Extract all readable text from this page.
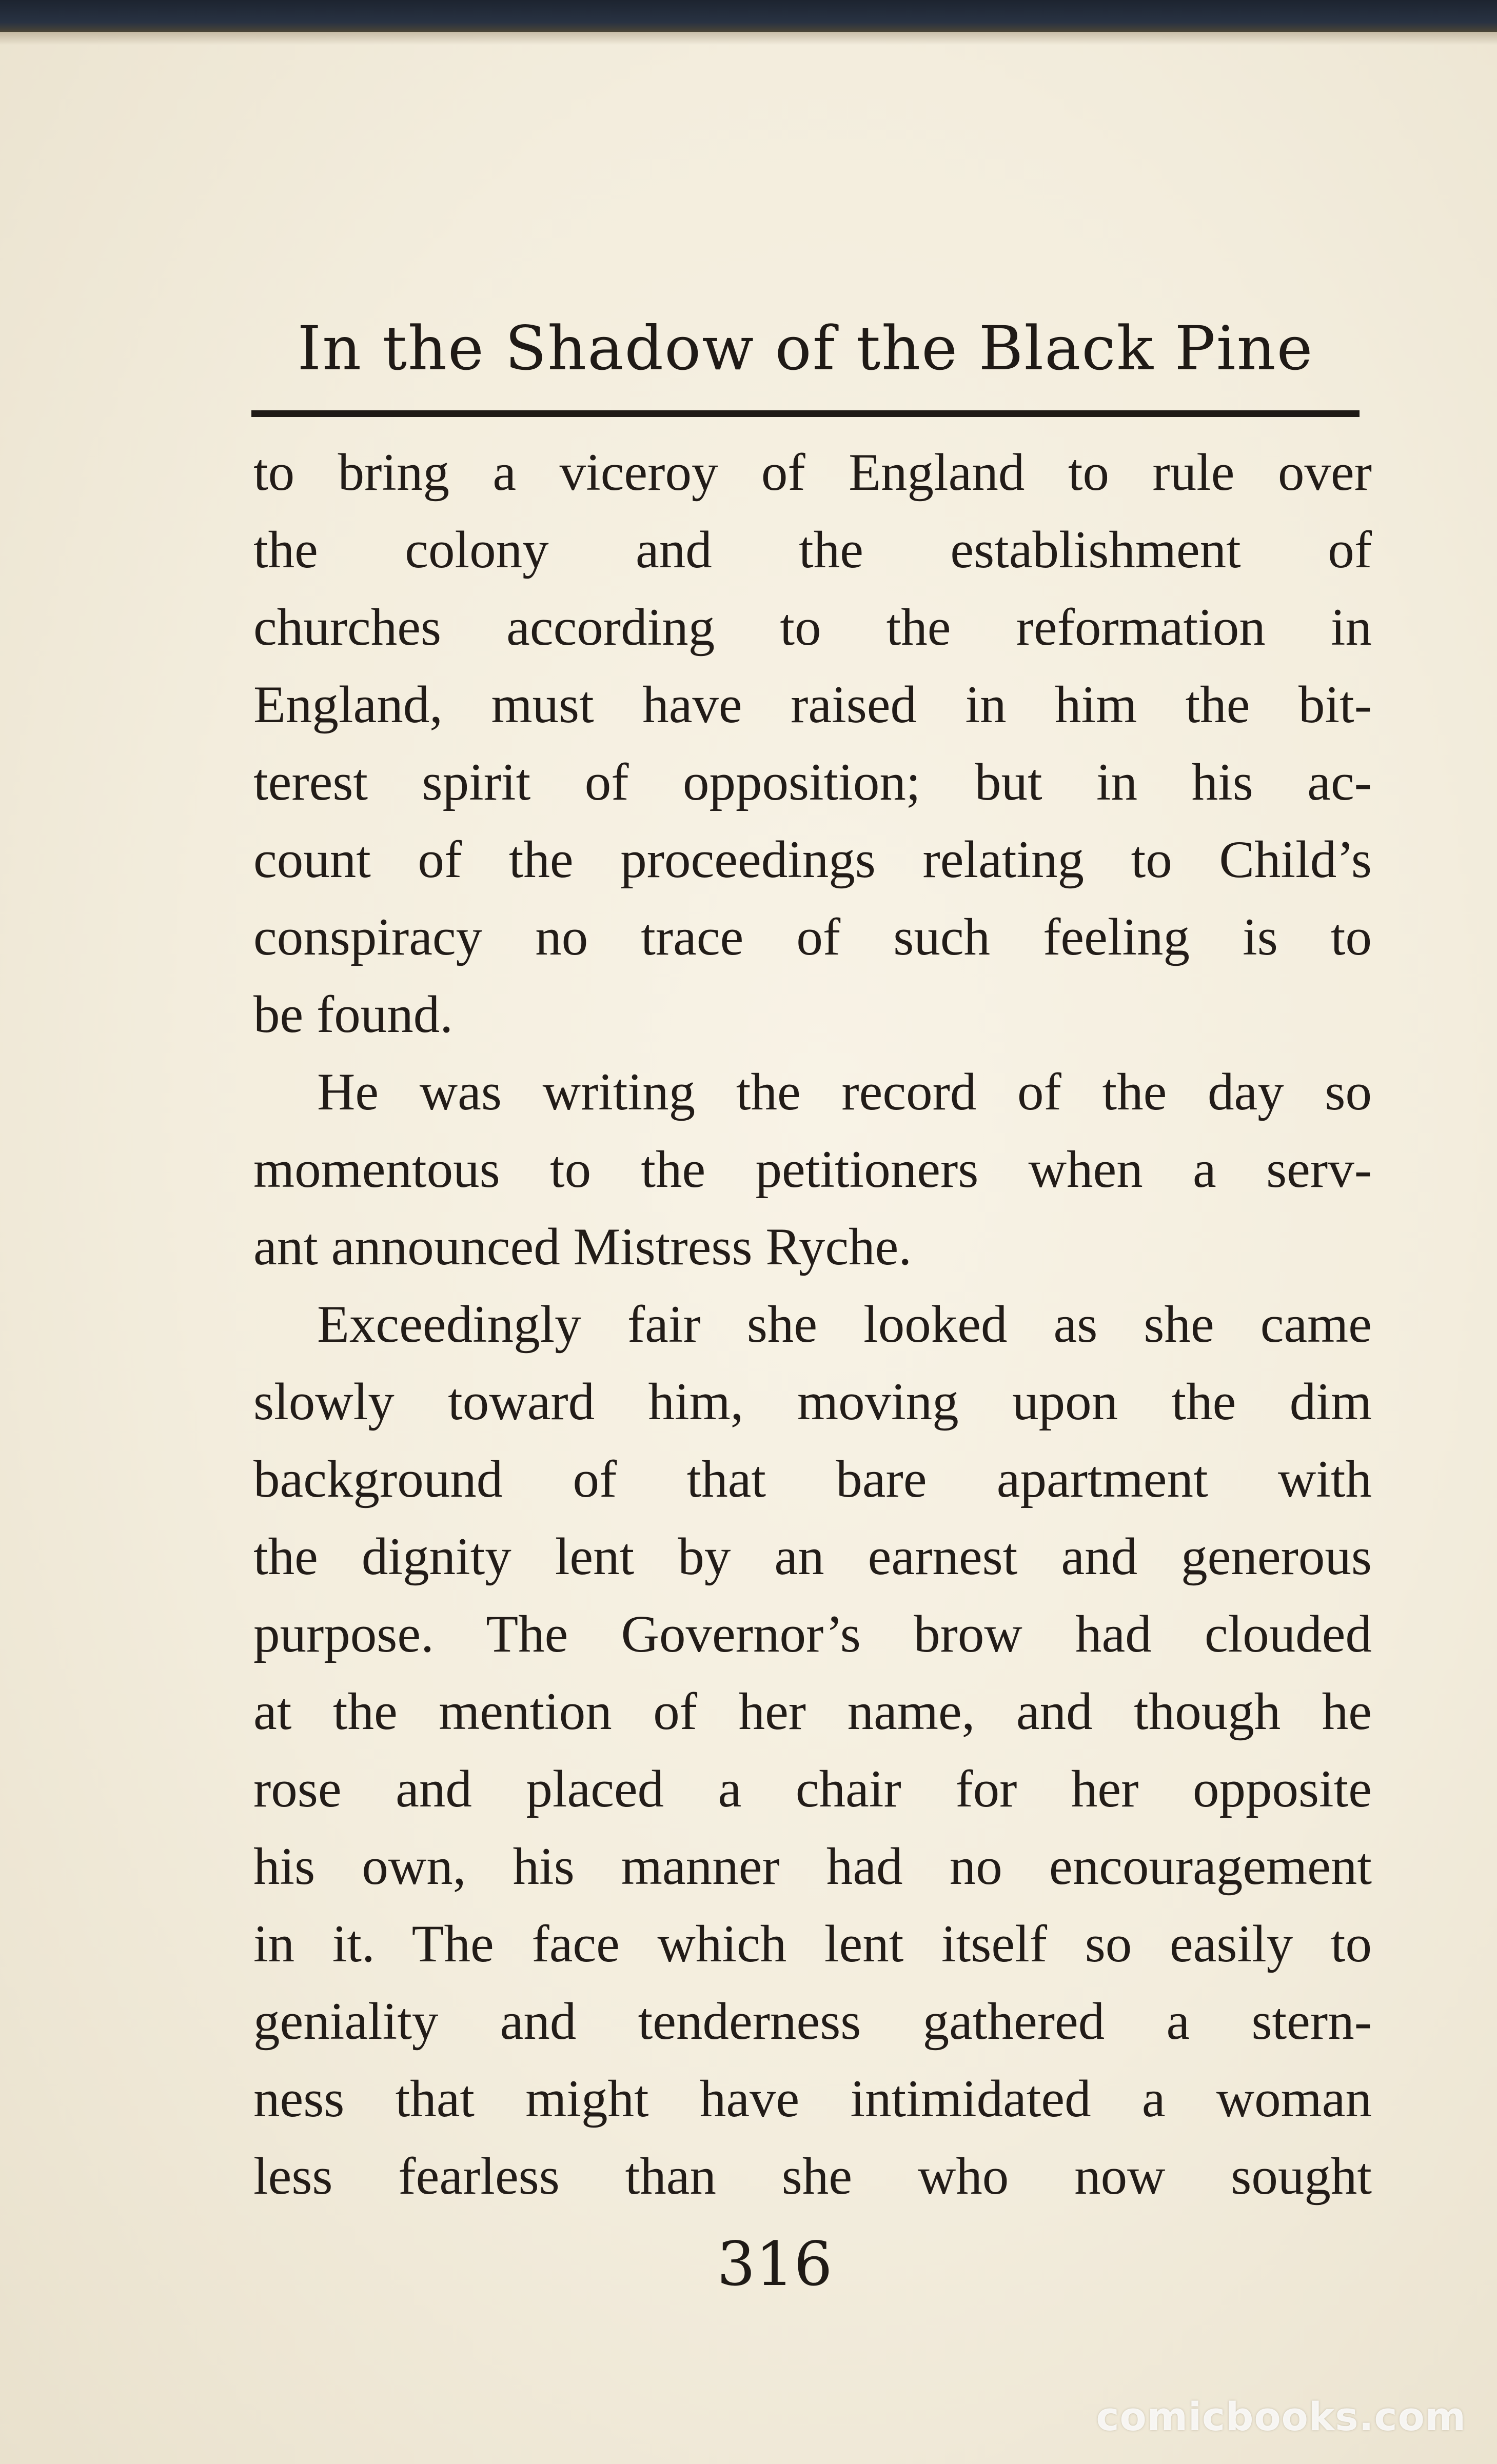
In the Shadow of the Black Pine
to bring a viceroy of England to rule over
the colony and the establishment of
churches according to the reformation in
England, must have raised in him the bit-
terest spirit of opposition; but in his ac-
count of the proceedings relating to Child’s
conspiracy no trace of such feeling is to
be found.
He was writing the record of the day so
momentous to the petitioners when a serv-
ant announced Mistress Ryche.
Exceedingly fair she looked as she came
slowly toward him, moving upon the dim
background of that bare apartment with
the dignity lent by an earnest and generous
purpose. The Governor’s brow had clouded
at the mention of her name, and though he
rose and placed a chair for her opposite
his own, his manner had no encouragement
in it. The face which lent itself so easily to
geniality and tenderness gathered a stern-
ness that might have intimidated a woman
less fearless than she who now sought
316
comicbooks.com
